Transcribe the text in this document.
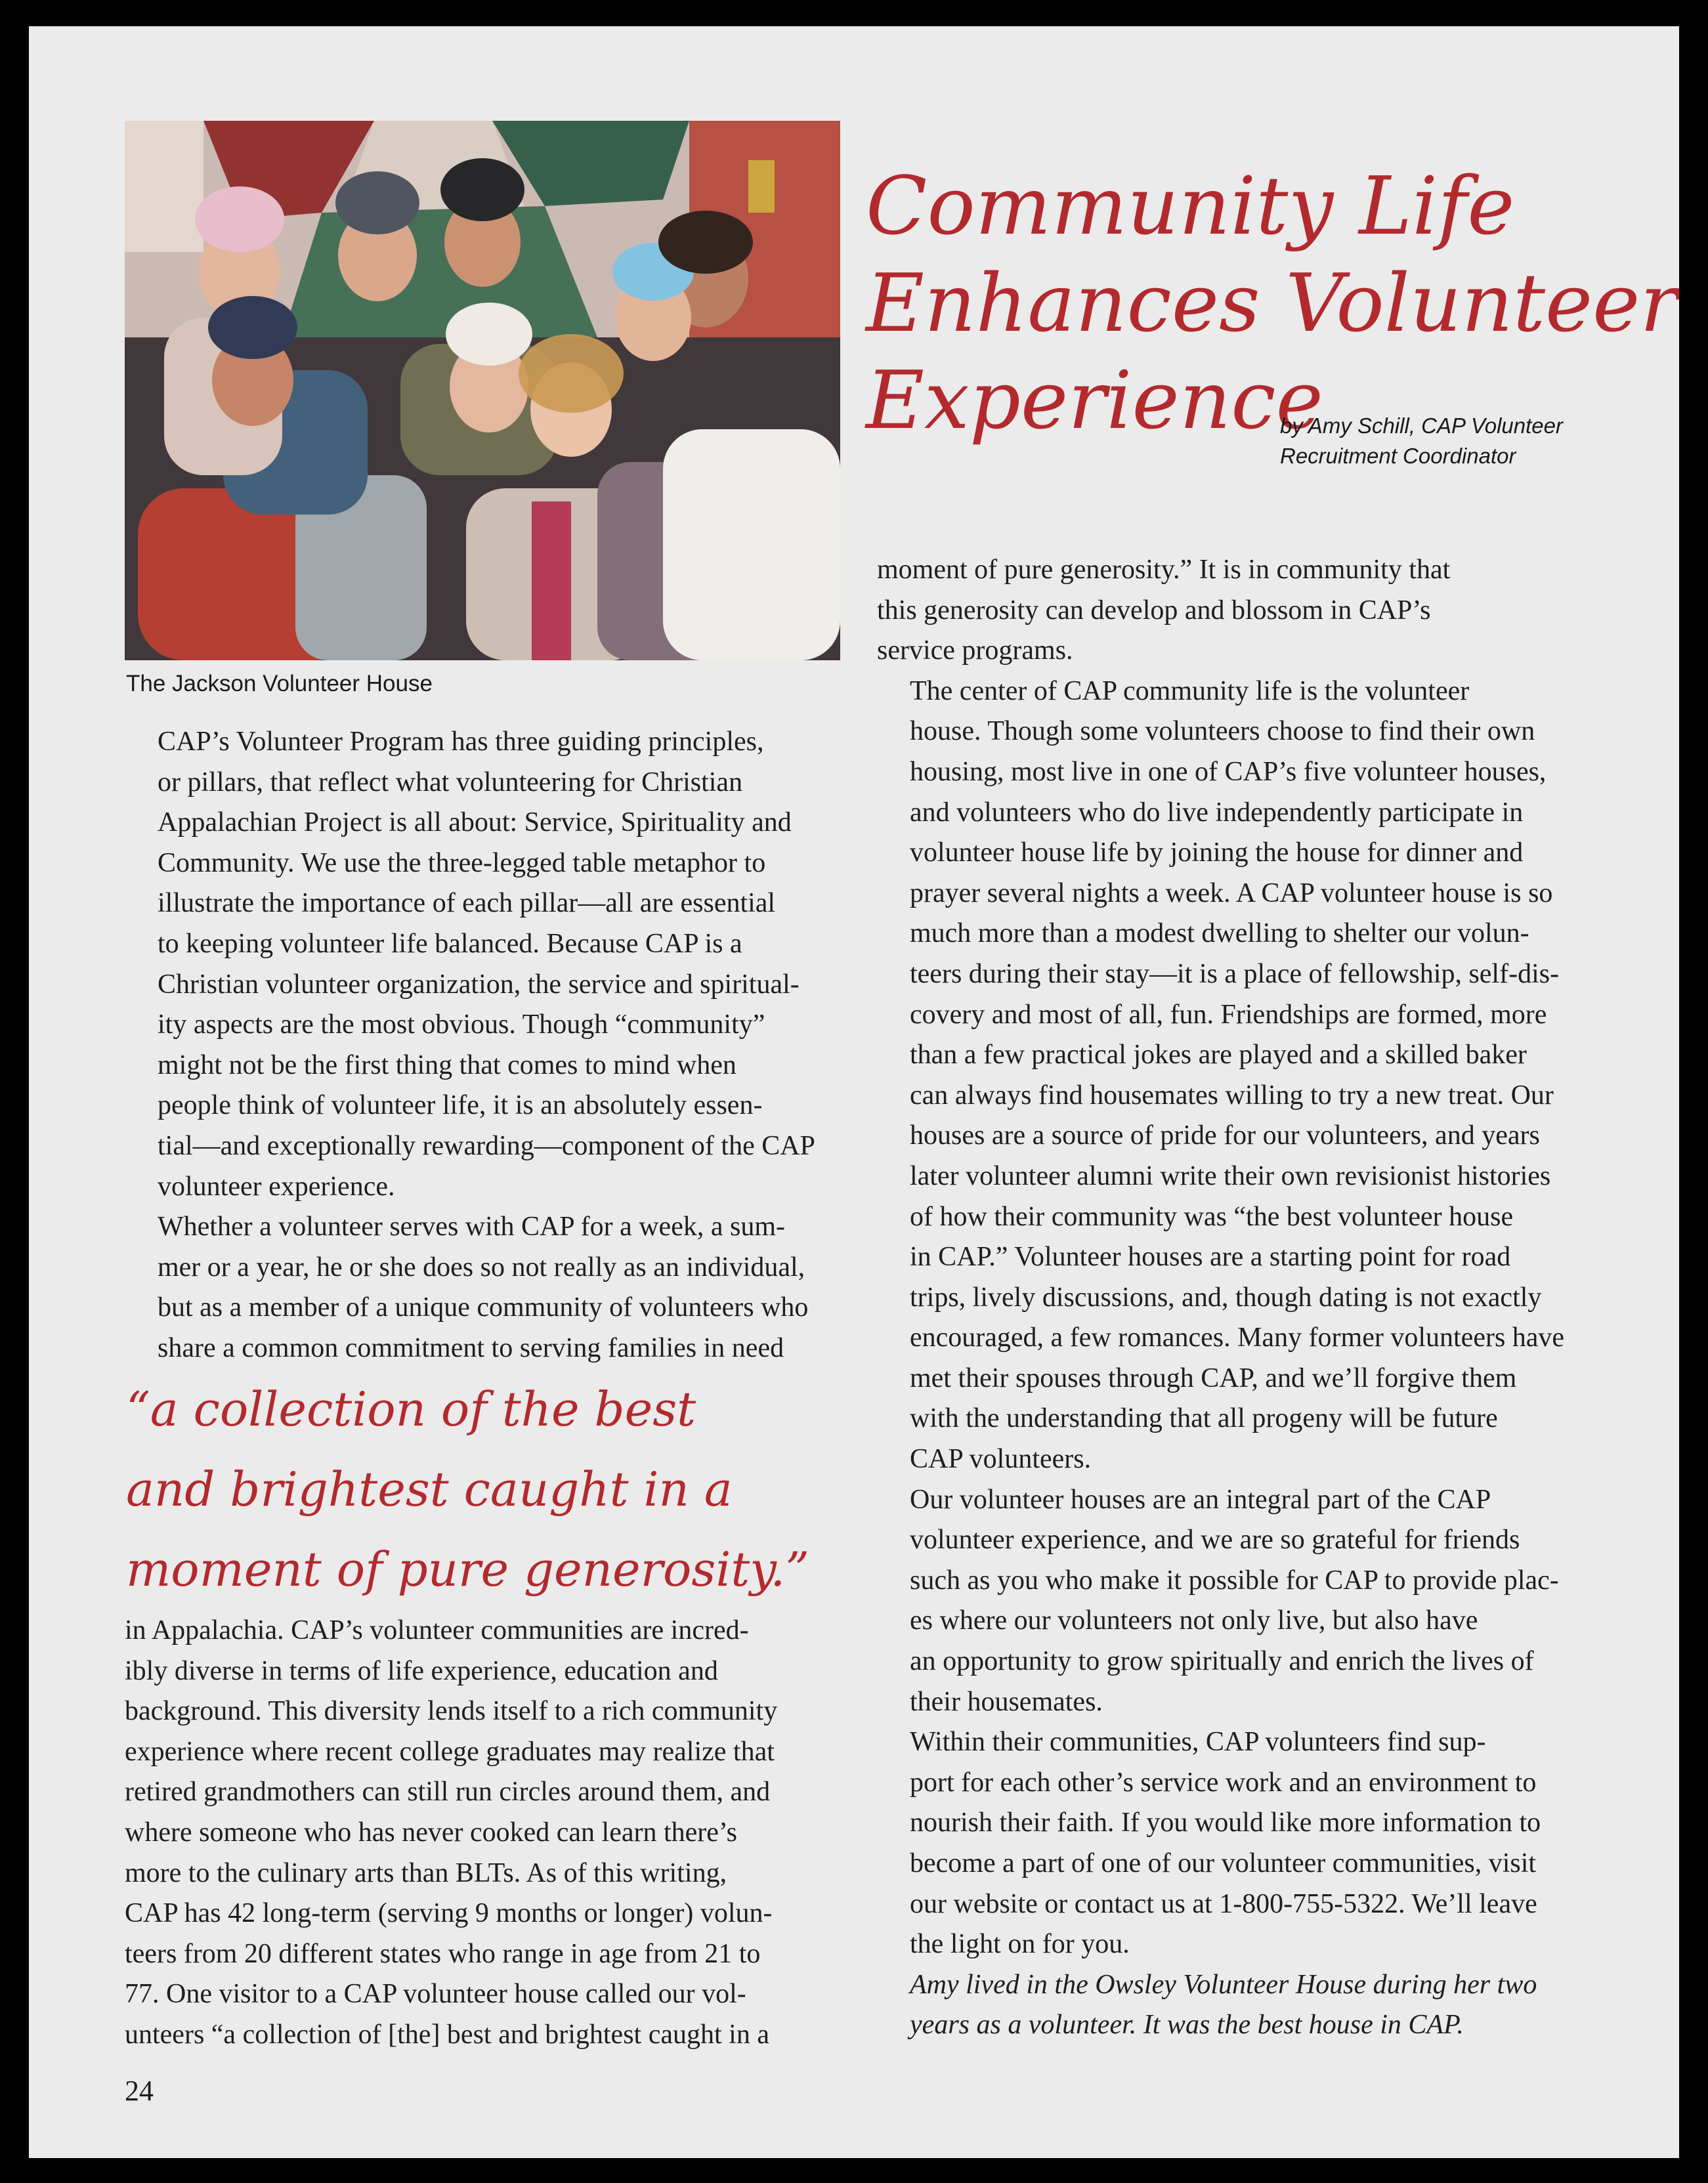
The Jackson Volunteer House
Community Life
Enhances Volunteer
Experience
by Amy Schill, CAP Volunteer
Recruitment Coordinator

CAP’s Volunteer Program has three guiding principles,
or pillars, that reflect what volunteering for Christian
Appalachian Project is all about: Service, Spirituality and
Community. We use the three-legged table metaphor to
illustrate the importance of each pillar—all are essential
to keeping volunteer life balanced. Because CAP is a
Christian volunteer organization, the service and spiritual-
ity aspects are the most obvious. Though “community”
might not be the first thing that comes to mind when
people think of volunteer life, it is an absolutely essen-
tial—and exceptionally rewarding—component of the CAP
volunteer experience.

Whether a volunteer serves with CAP for a week, a sum-
mer or a year, he or she does so not really as an individual,
but as a member of a unique community of volunteers who
share a common commitment to serving families in need

“a collection of the best
and brightest caught in a
moment of pure generosity.”

in Appalachia. CAP’s volunteer communities are incred-
ibly diverse in terms of life experience, education and
background. This diversity lends itself to a rich community
experience where recent college graduates may realize that
retired grandmothers can still run circles around them, and
where someone who has never cooked can learn there’s
more to the culinary arts than BLTs. As of this writing,
CAP has 42 long-term (serving 9 months or longer) volun-
teers from 20 different states who range in age from 21 to
77. One visitor to a CAP volunteer house called our vol-
unteers “a collection of [the] best and brightest caught in a

moment of pure generosity.” It is in community that
this generosity can develop and blossom in CAP’s
service programs.

The center of CAP community life is the volunteer
house. Though some volunteers choose to find their own
housing, most live in one of CAP’s five volunteer houses,
and volunteers who do live independently participate in
volunteer house life by joining the house for dinner and
prayer several nights a week. A CAP volunteer house is so
much more than a modest dwelling to shelter our volun-
teers during their stay—it is a place of fellowship, self-dis-
covery and most of all, fun. Friendships are formed, more
than a few practical jokes are played and a skilled baker
can always find housemates willing to try a new treat. Our
houses are a source of pride for our volunteers, and years
later volunteer alumni write their own revisionist histories
of how their community was “the best volunteer house
in CAP.” Volunteer houses are a starting point for road
trips, lively discussions, and, though dating is not exactly
encouraged, a few romances. Many former volunteers have
met their spouses through CAP, and we’ll forgive them
with the understanding that all progeny will be future
CAP volunteers.

Our volunteer houses are an integral part of the CAP
volunteer experience, and we are so grateful for friends
such as you who make it possible for CAP to provide plac-
es where our volunteers not only live, but also have
an opportunity to grow spiritually and enrich the lives of
their housemates.

Within their communities, CAP volunteers find sup-
port for each other’s service work and an environment to
nourish their faith. If you would like more information to
become a part of one of our volunteer communities, visit
our website or contact us at 1-800-755-5322. We’ll leave
the light on for you.

Amy lived in the Owsley Volunteer House during her two
years as a volunteer. It was the best house in CAP.

24
